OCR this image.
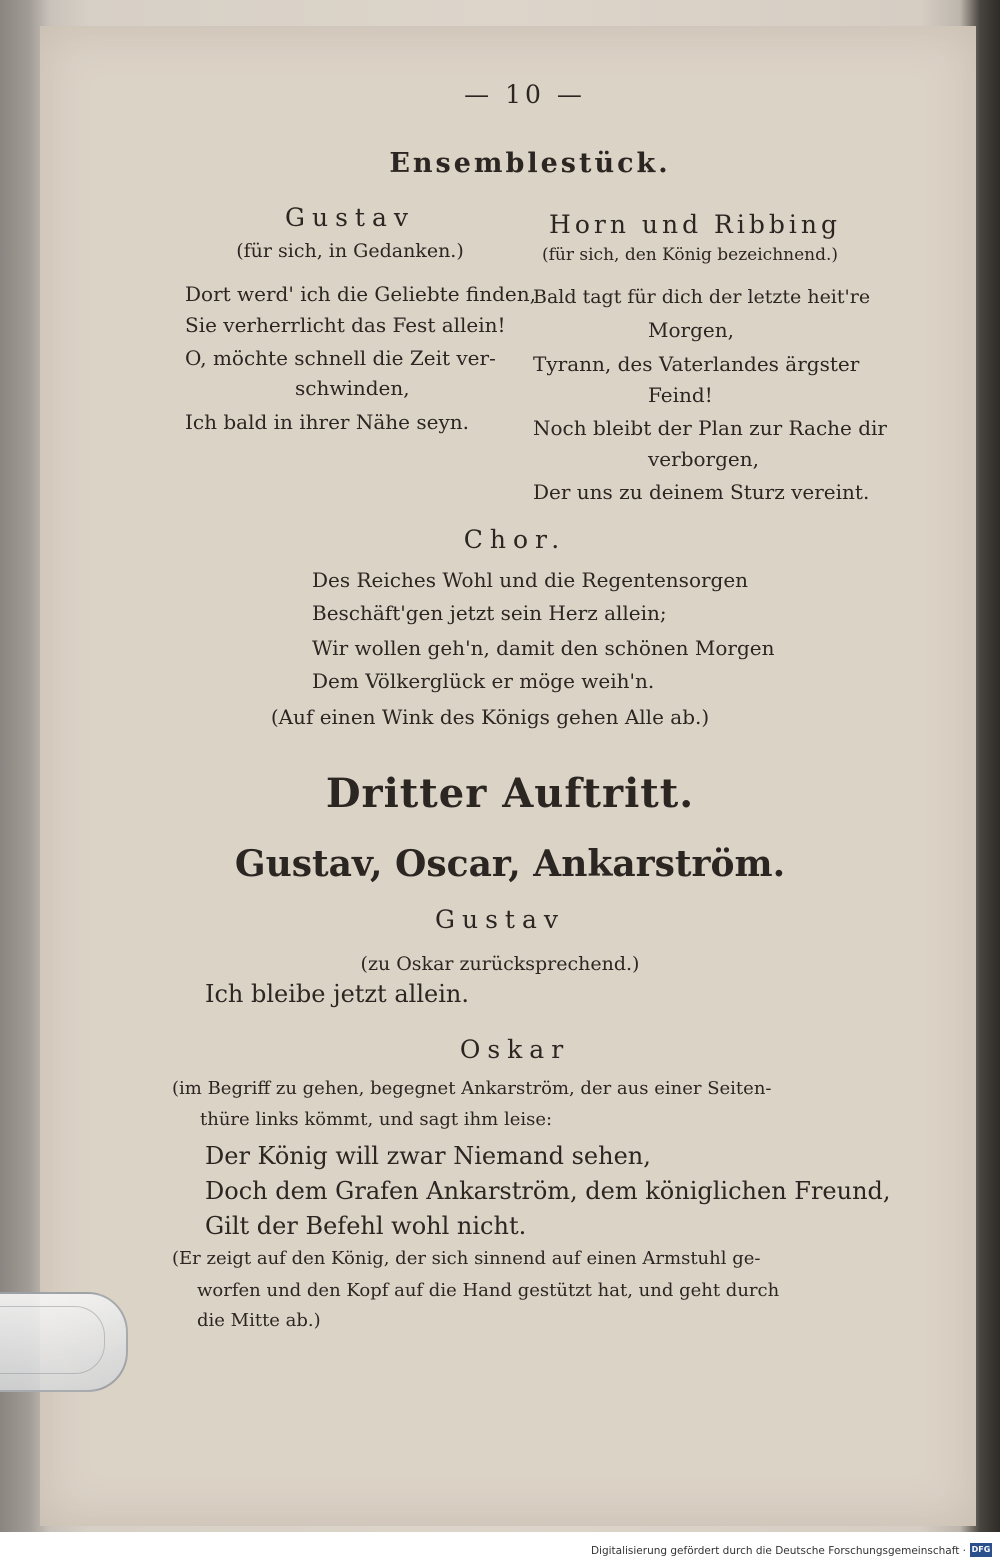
— 10 —
Ensemblestück.
Gustav
(für sich, in Gedanken.)
Dort werd' ich die Geliebte finden,
Sie verherrlicht das Fest allein!
O, möchte schnell die Zeit ver-
schwinden,
Ich bald in ihrer Nähe seyn.
Horn und Ribbing
(für sich, den König bezeichnend.)
Bald tagt für dich der letzte heit're
Morgen,
Tyrann, des Vaterlandes ärgster
Feind!
Noch bleibt der Plan zur Rache dir
verborgen,
Der uns zu deinem Sturz vereint.
Chor.
Des Reiches Wohl und die Regentensorgen
Beschäft'gen jetzt sein Herz allein;
Wir wollen geh'n, damit den schönen Morgen
Dem Völkerglück er möge weih'n.
(Auf einen Wink des Königs gehen Alle ab.)
Dritter Auftritt.
Gustav, Oscar, Ankarström.
Gustav
(zu Oskar zurücksprechend.)
Ich bleibe jetzt allein.
Oskar
(im Begriff zu gehen, begegnet Ankarström, der aus einer Seiten-
thüre links kömmt, und sagt ihm leise:
Der König will zwar Niemand sehen,
Doch dem Grafen Ankarström, dem königlichen Freund,
Gilt der Befehl wohl nicht.
(Er zeigt auf den König, der sich sinnend auf einen Armstuhl ge-
worfen und den Kopf auf die Hand gestützt hat, und geht durch
die Mitte ab.)
Digitalisierung gefördert durch die Deutsche Forschungsgemeinschaft · DFG
